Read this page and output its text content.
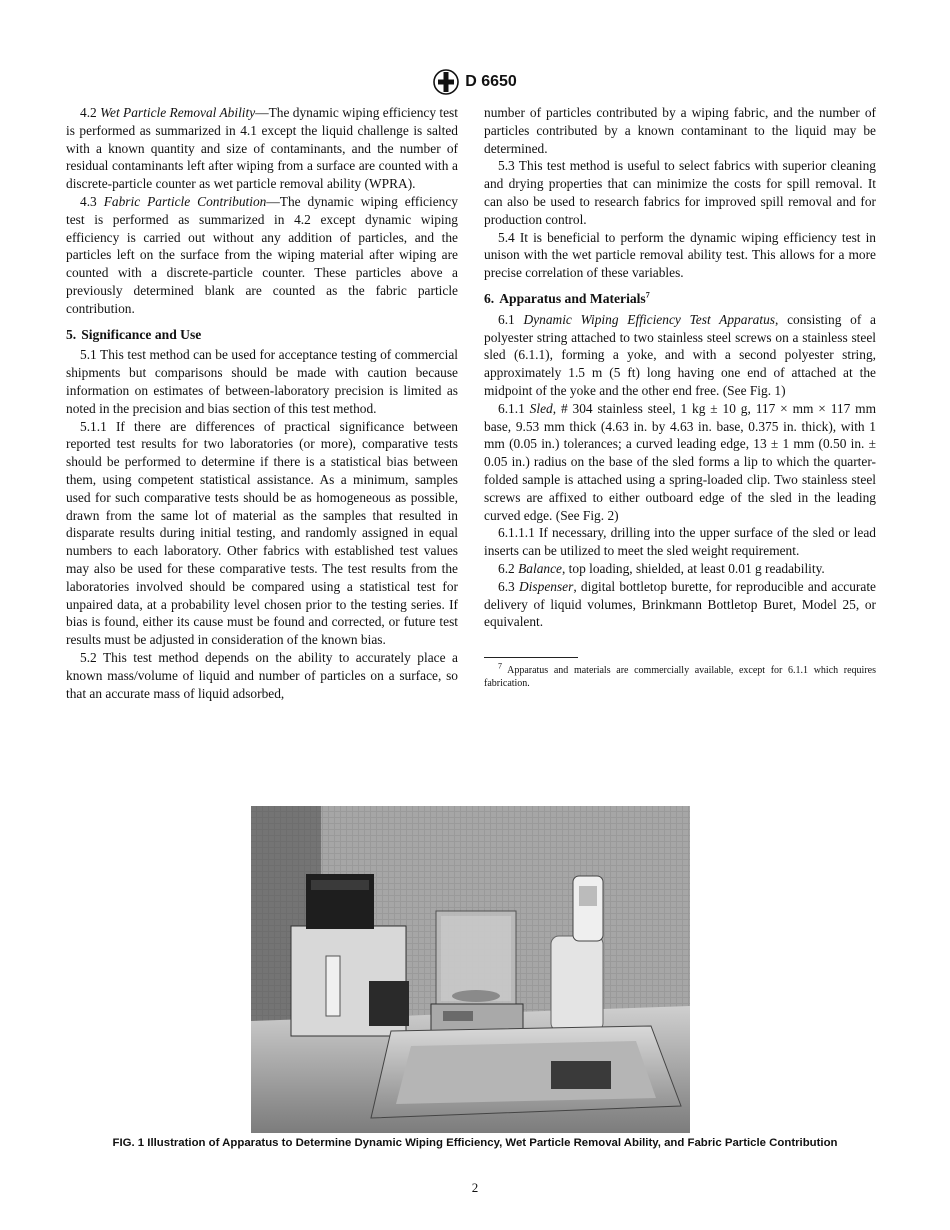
D 6650

4.2 Wet Particle Removal Ability—The dynamic wiping efficiency test is performed as summarized in 4.1 except the liquid challenge is salted with a known quantity and size of contaminants, and the number of residual contaminants left after wiping from a surface are counted with a discrete-particle counter as wet particle removal ability (WPRA).

4.3 Fabric Particle Contribution—The dynamic wiping efficiency test is performed as summarized in 4.2 except dynamic wiping efficiency is carried out without any addition of particles, and the particles left on the surface from the wiping material after wiping are counted with a discrete-particle counter. These particles above a previously determined blank are counted as the fabric particle contribution.

5. Significance and Use

5.1 This test method can be used for acceptance testing of commercial shipments but comparisons should be made with caution because information on estimates of between-laboratory precision is limited as noted in the precision and bias section of this test method.

5.1.1 If there are differences of practical significance between reported test results for two laboratories (or more), comparative tests should be performed to determine if there is a statistical bias between them, using competent statistical assistance. As a minimum, samples used for such comparative tests should be as homogeneous as possible, drawn from the same lot of material as the samples that resulted in disparate results during initial testing, and randomly assigned in equal numbers to each laboratory. Other fabrics with established test values may also be used for these comparative tests. The test results from the laboratories involved should be compared using a statistical test for unpaired data, at a probability level chosen prior to the testing series. If bias is found, either its cause must be found and corrected, or future test results must be adjusted in consideration of the known bias.

5.2 This test method depends on the ability to accurately place a known mass/volume of liquid and number of particles on a surface, so that an accurate mass of liquid adsorbed,

number of particles contributed by a wiping fabric, and the number of particles contributed by a known contaminant to the liquid may be determined.

5.3 This test method is useful to select fabrics with superior cleaning and drying properties that can minimize the costs for spill removal. It can also be used to research fabrics for improved spill removal and for production control.

5.4 It is beneficial to perform the dynamic wiping efficiency test in unison with the wet particle removal ability test. This allows for a more precise correlation of these variables.

6. Apparatus and Materials$^7$

6.1 Dynamic Wiping Efficiency Test Apparatus, consisting of a polyester string attached to two stainless steel screws on a stainless steel sled (6.1.1), forming a yoke, and with a second polyester string, approximately 1.5 m (5 ft) long having one end of attached at the midpoint of the yoke and the other end free. (See Fig. 1)

6.1.1 Sled, # 304 stainless steel, 1 kg ± 10 g, 117 × mm × 117 mm base, 9.53 mm thick (4.63 in. by 4.63 in. base, 0.375 in. thick), with 1 mm (0.05 in.) tolerances; a curved leading edge, 13 ± 1 mm (0.50 in. ± 0.05 in.) radius on the base of the sled forms a lip to which the quarter-folded sample is attached using a spring-loaded clip. Two stainless steel screws are affixed to either outboard edge of the sled in the leading curved edge. (See Fig. 2)

6.1.1.1 If necessary, drilling into the upper surface of the sled or lead inserts can be utilized to meet the sled weight requirement.

6.2 Balance, top loading, shielded, at least 0.01 g readability.

6.3 Dispenser, digital bottletop burette, for reproducible and accurate delivery of liquid volumes, Brinkmann Bottletop Buret, Model 25, or equivalent.

$^7$ Apparatus and materials are commercially available, except for 6.1.1 which requires fabrication.

FIG. 1 Illustration of Apparatus to Determine Dynamic Wiping Efficiency, Wet Particle Removal Ability, and Fabric Particle Contribution
2
